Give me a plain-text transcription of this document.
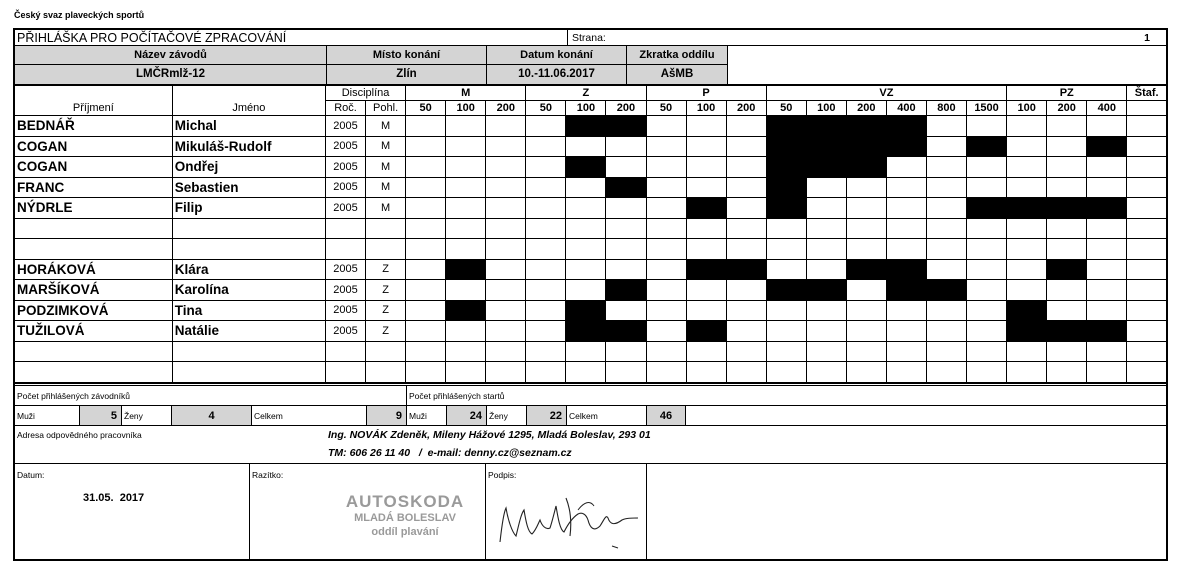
Český svaz plaveckých sportů
PŘIHLÁŠKA PRO POČÍTAČOVÉ ZPRACOVÁNÍ	Strana:	1
Název závodů	Místo konání	Datum konání	Zkratka oddílu
LMČRmlž-12	Zlín	10.-11.06.2017	AšMB
		Disciplína		M			Z			P			VZ						PZ			Štaf.
Příjmení	Jméno	Roč.	Pohl.	50	100	200	50	100	200	50	100	200	50	100	200	400	800	1500	100	200	400	
BEDNÁŘ	Michal	2005	M																			
COGAN	Mikuláš-Rudolf	2005	M																			
COGAN	Ondřej	2005	M																			
FRANC	Sebastien	2005	M																			
NÝDRLE	Filip	2005	M																			

HORÁKOVÁ	Klára	2005	Z																			
MARŠÍKOVÁ	Karolína	2005	Z																			
PODZIMKOVÁ	Tina	2005	Z																			
TUŽILOVÁ	Natálie	2005	Z																			

Počet přihlášených závodníků	Počet přihlášených startů
Muži	5 Ženy	4	Celkem	9 Muži	24 Ženy	22 Celkem	46
Adresa odpovědného pracovníka	Ing. NOVÁK Zdeněk, Mileny Hážové 1295, Mladá Boleslav, 293 01
TM: 606 26 11 40   /  e-mail: denny.cz@seznam.cz
Datum:
31.05.  2017
Razítko:
AUTOSKODA
MLADÁ BOLESLAV
oddíl plavání
Podpis:
